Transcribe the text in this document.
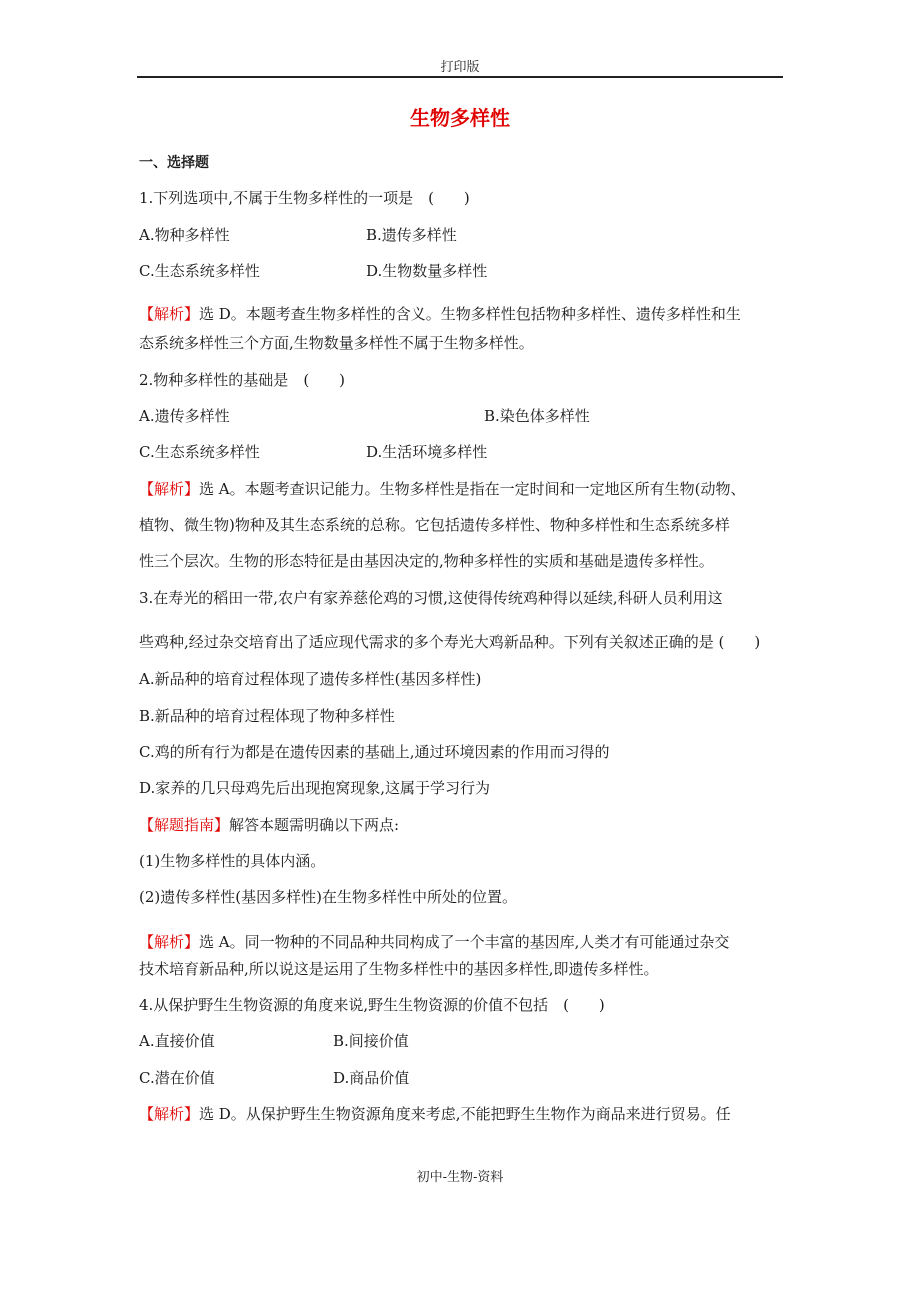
打印版
生物多样性
一、选择题
1.下列选项中,不属于生物多样性的一项是　(　　)
A.物种多样性	B.遗传多样性
C.生态系统多样性	D.生物数量多样性
【解析】选 D。本题考查生物多样性的含义。生物多样性包括物种多样性、遗传多样性和生
态系统多样性三个方面,生物数量多样性不属于生物多样性。
2.物种多样性的基础是　(　　)
A.遗传多样性	B.染色体多样性
C.生态系统多样性	D.生活环境多样性
【解析】选 A。本题考查识记能力。生物多样性是指在一定时间和一定地区所有生物(动物、
植物、微生物)物种及其生态系统的总称。它包括遗传多样性、物种多样性和生态系统多样
性三个层次。生物的形态特征是由基因决定的,物种多样性的实质和基础是遗传多样性。
3.在寿光的稻田一带,农户有家养慈伦鸡的习惯,这使得传统鸡种得以延续,科研人员利用这
些鸡种,经过杂交培育出了适应现代需求的多个寿光大鸡新品种。下列有关叙述正确的是 (　　)
A.新品种的培育过程体现了遗传多样性(基因多样性)
B.新品种的培育过程体现了物种多样性
C.鸡的所有行为都是在遗传因素的基础上,通过环境因素的作用而习得的
D.家养的几只母鸡先后出现抱窝现象,这属于学习行为
【解题指南】解答本题需明确以下两点:
(1)生物多样性的具体内涵。
(2)遗传多样性(基因多样性)在生物多样性中所处的位置。
【解析】选 A。同一物种的不同品种共同构成了一个丰富的基因库,人类才有可能通过杂交
技术培育新品种,所以说这是运用了生物多样性中的基因多样性,即遗传多样性。
4.从保护野生生物资源的角度来说,野生生物资源的价值不包括　(　　)
A.直接价值	B.间接价值
C.潜在价值	D.商品价值
【解析】选 D。从保护野生生物资源角度来考虑,不能把野生生物作为商品来进行贸易。任
初中-生物-资料
